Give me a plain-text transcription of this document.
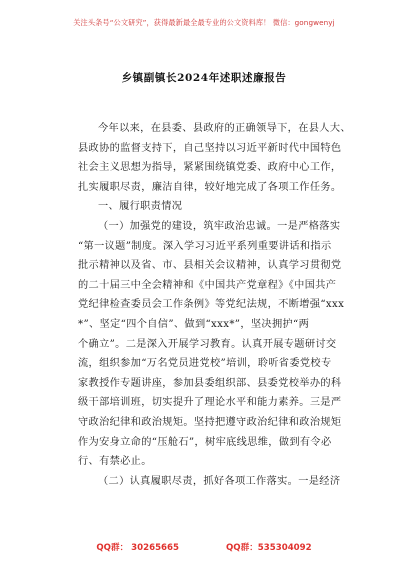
关注头条号“公文研究”，获得最新最全最专业的公文资料库！ 微信：gongwenyj
乡镇副镇长2024年述职述廉报告
今年以来，在县委、县政府的正确领导下，在县人大、
县政协的监督支持下，自己坚持以习近平新时代中国特色
社会主义思想为指导，紧紧围绕镇党委、政府中心工作，
扎实履职尽责，廉洁自律，较好地完成了各项工作任务。
一、履行职责情况
（一）加强党的建设，筑牢政治忠诚。一是严格落实
“第一议题”制度。深入学习习近平系列重要讲话和指示
批示精神以及省、市、县相关会议精神，认真学习贯彻党
的二十届三中全会精神和《中国共产党章程》《中国共产
党纪律检查委员会工作条例》等党纪法规，不断增强“xxx
*”、坚定“四个自信”、做到“xxx*”，坚决拥护“两
个确立”。二是深入开展学习教育。认真开展专题研讨交
流，组织参加“万名党员进党校”培训，聆听省委党校专
家教授作专题讲座，参加县委组织部、县委党校举办的科
级干部培训班，切实提升了理论水平和能力素养。三是严
守政治纪律和政治规矩。坚持把遵守政治纪律和政治规矩
作为安身立命的“压舱石”，树牢底线思维，做到有令必
行、有禁必止。
（二）认真履职尽责，抓好各项工作落实。一是经济
QQ群： 30265665	QQ群：535304092
